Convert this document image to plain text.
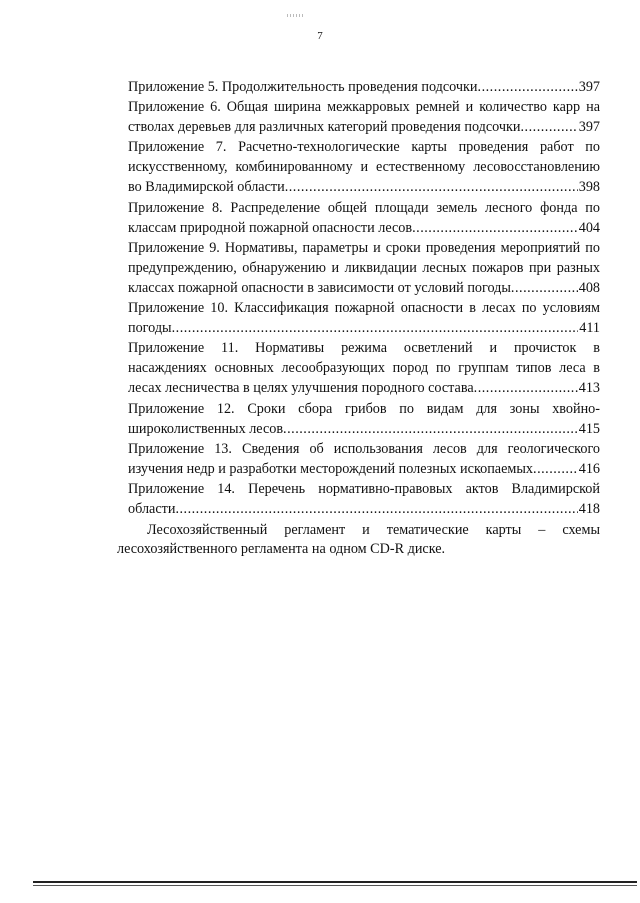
7
Приложение 5. Продолжительность проведения подсочки .....	397
Приложение 6. Общая ширина межкарровых ремней и количество карр на
стволах деревьев для различных категорий проведения подсочки .....	397
Приложение 7. Расчетно-технологические карты проведения работ по
искусственному, комбинированному и естественному лесовосстановлению
во Владимирской области .....	398
Приложение 8. Распределение общей площади земель лесного фонда по
классам природной пожарной опасности лесов .....	404
Приложение 9. Нормативы, параметры и сроки проведения мероприятий по
предупреждению, обнаружению и ликвидации лесных пожаров при разных
классах пожарной опасности в зависимости от условий погоды .....	408
Приложение 10. Классификация пожарной опасности в лесах по условиям
погоды .....	411
Приложение 11. Нормативы режима осветлений и прочисток в
насаждениях основных лесообразующих пород по группам типов леса в
лесах лесничества в целях улучшения породного состава .....	413
Приложение 12. Сроки сбора грибов по видам для зоны хвойно-
широколиственных лесов .....	415
Приложение 13. Сведения об использования лесов для геологического
изучения недр и разработки месторождений полезных ископаемых .....	416
Приложение 14. Перечень нормативно-правовых актов Владимирской
области .....	418
Лесохозяйственный регламент и тематические карты – схемы
лесохозяйственного регламента на одном CD-R диске.
